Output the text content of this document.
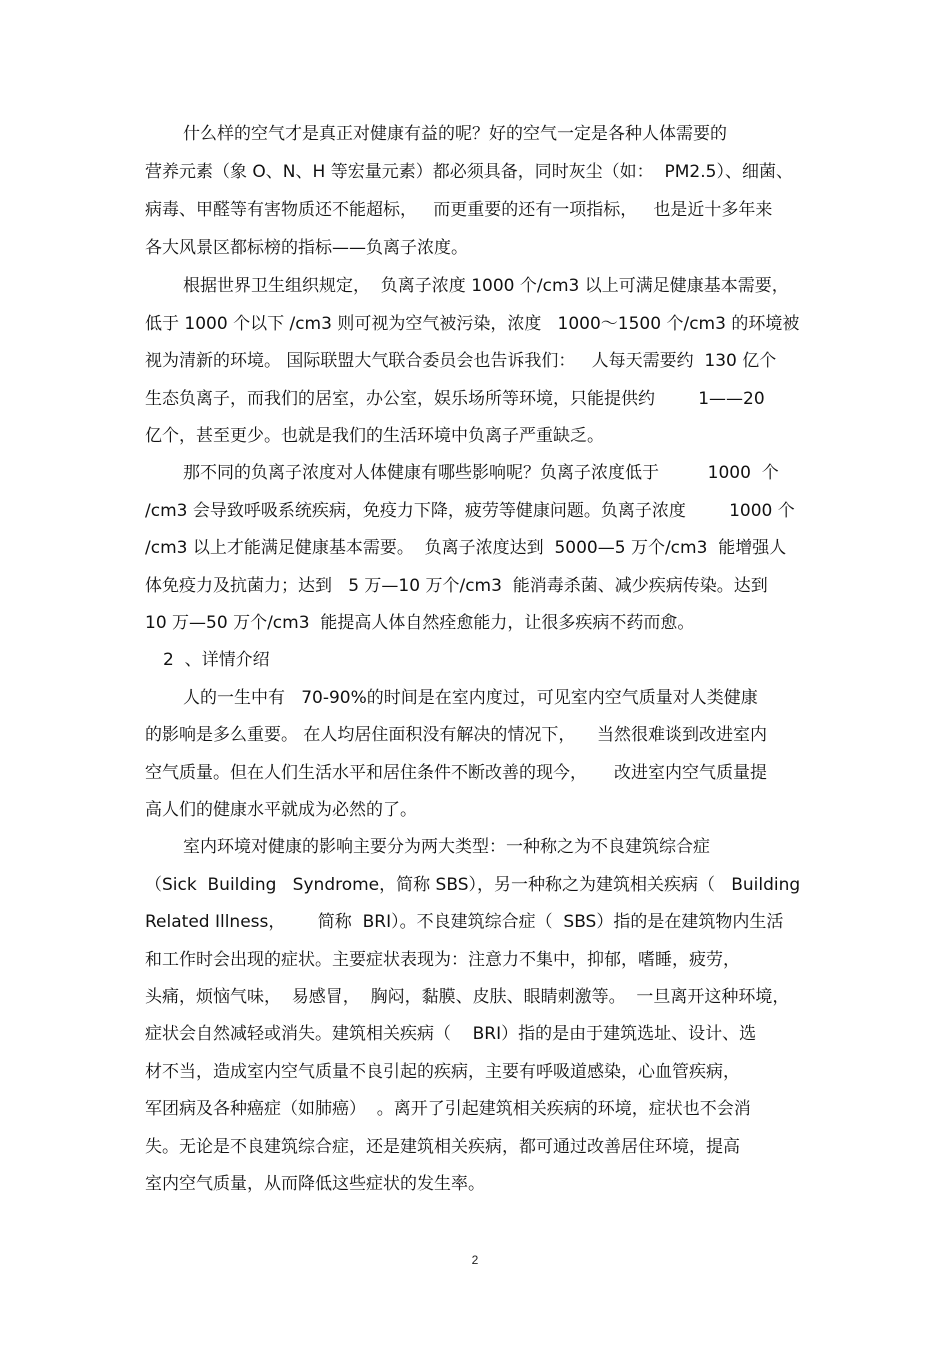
什么样的空气才是真正对健康有益的呢？好的空气一定是各种人体需要的
营养元素（象 O、N、H 等宏量元素）都必须具备，同时灰尘（如：  PM2.5）、细菌、
病毒、甲醛等有害物质还不能超标，   而更重要的还有一项指标，   也是近十多年来
各大风景区都标榜的指标——负离子浓度。
根据世界卫生组织规定，  负离子浓度 1000 个/cm3 以上可满足健康基本需要，
低于 1000 个以下 /cm3 则可视为空气被污染，浓度   1000～1500 个/cm3 的环境被
视为清新的环境。 国际联盟大气联合委员会也告诉我们：   人每天需要约  130 亿个
生态负离子，而我们的居室，办公室，娱乐场所等环境，只能提供约        1——20
亿个，甚至更少。也就是我们的生活环境中负离子严重缺乏。
那不同的负离子浓度对人体健康有哪些影响呢？负离子浓度低于         1000  个
/cm3 会导致呼吸系统疾病，免疫力下降，疲劳等健康问题。负离子浓度        1000 个
/cm3 以上才能满足健康基本需要。  负离子浓度达到  5000—5 万个/cm3  能增强人
体免疫力及抗菌力；达到   5 万—10 万个/cm3  能消毒杀菌、减少疾病传染。达到
10 万—50 万个/cm3  能提高人体自然痊愈能力，让很多疾病不药而愈。
2  、详情介绍
人的一生中有   70-90%的时间是在室内度过，可见室内空气质量对人类健康
的影响是多么重要。 在人均居住面积没有解决的情况下，    当然很难谈到改进室内
空气质量。但在人们生活水平和居住条件不断改善的现今，     改进室内空气质量提
高人们的健康水平就成为必然的了。
室内环境对健康的影响主要分为两大类型：一种称之为不良建筑综合症
（Sick  Building   Syndrome，简称 SBS），另一种称之为建筑相关疾病（   Building
Related Illness，      简称  BRI）。不良建筑综合症（  SBS）指的是在建筑物内生活
和工作时会出现的症状。主要症状表现为：注意力不集中，抑郁，嗜睡，疲劳，
头痛，烦恼气味，  易感冒，  胸闷，黏膜、皮肤、眼睛刺激等。  一旦离开这种环境，
症状会自然减轻或消失。建筑相关疾病（    BRI）指的是由于建筑选址、设计、选
材不当，造成室内空气质量不良引起的疾病，主要有呼吸道感染，心血管疾病，
军团病及各种癌症（如肺癌）  。离开了引起建筑相关疾病的环境，症状也不会消
失。无论是不良建筑综合症，还是建筑相关疾病，都可通过改善居住环境，提高
室内空气质量，从而降低这些症状的发生率。
2
